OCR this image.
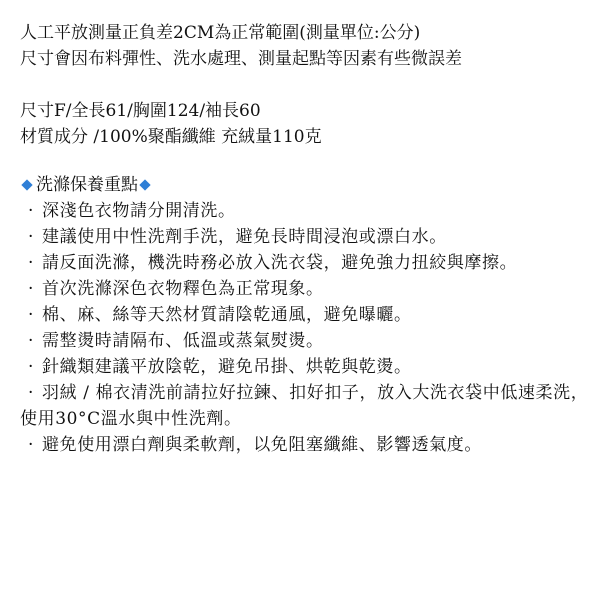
人工平放測量正負差2CM為正常範圍(測量單位:公分)
尺寸會因布料彈性、洗水處理、測量起點等因素有些微誤差
尺寸F/全長61/胸圍124/袖長60
材質成分 /100%聚酯纖維 充絨量110克
洗滌保養重點
· 深淺色衣物請分開清洗。
· 建議使用中性洗劑手洗，避免長時間浸泡或漂白水。
· 請反面洗滌，機洗時務必放入洗衣袋，避免強力扭絞與摩擦。
· 首次洗滌深色衣物釋色為正常現象。
· 棉、麻、絲等天然材質請陰乾通風，避免曝曬。
· 需整燙時請隔布、低溫或蒸氣熨燙。
· 針織類建議平放陰乾，避免吊掛、烘乾與乾燙。
· 羽絨 / 棉衣清洗前請拉好拉鍊、扣好扣子，放入大洗衣袋中低速柔洗，使用30°C溫水與中性洗劑。
· 避免使用漂白劑與柔軟劑，以免阻塞纖維、影響透氣度。
